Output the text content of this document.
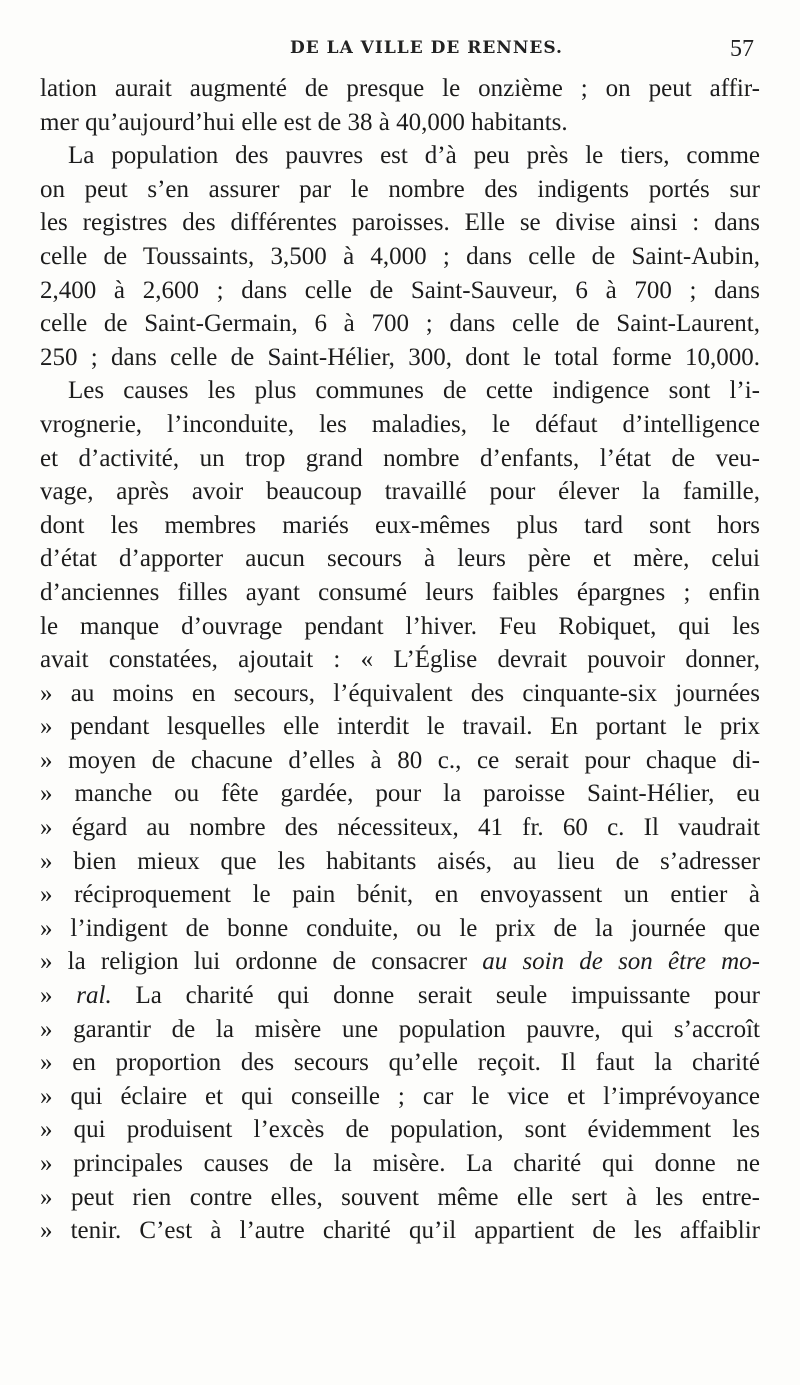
DE LA VILLE DE RENNES.	57
lation aurait augmenté de presque le onzième ; on peut affir-
mer qu’aujourd’hui elle est de 38 à 40,000 habitants.
La population des pauvres est d’à peu près le tiers, comme
on peut s’en assurer par le nombre des indigents portés sur
les registres des différentes paroisses. Elle se divise ainsi : dans
celle de Toussaints, 3,500 à 4,000 ; dans celle de Saint-Aubin,
2,400 à 2,600 ; dans celle de Saint-Sauveur, 6 à 700 ; dans
celle de Saint-Germain, 6 à 700 ; dans celle de Saint-Laurent,
250 ; dans celle de Saint-Hélier, 300, dont le total forme 10,000.
Les causes les plus communes de cette indigence sont l’i-
vrognerie, l’inconduite, les maladies, le défaut d’intelligence
et d’activité, un trop grand nombre d’enfants, l’état de veu-
vage, après avoir beaucoup travaillé pour élever la famille,
dont les membres mariés eux-mêmes plus tard sont hors
d’état d’apporter aucun secours à leurs père et mère, celui
d’anciennes filles ayant consumé leurs faibles épargnes ; enfin
le manque d’ouvrage pendant l’hiver. Feu Robiquet, qui les
avait constatées, ajoutait : « L’Église devrait pouvoir donner,
» au moins en secours, l’équivalent des cinquante-six journées
» pendant lesquelles elle interdit le travail. En portant le prix
» moyen de chacune d’elles à 80 c., ce serait pour chaque di-
» manche ou fête gardée, pour la paroisse Saint-Hélier, eu
» égard au nombre des nécessiteux, 41 fr. 60 c. Il vaudrait
» bien mieux que les habitants aisés, au lieu de s’adresser
» réciproquement le pain bénit, en envoyassent un entier à
» l’indigent de bonne conduite, ou le prix de la journée que
» la religion lui ordonne de consacrer au soin de son être mo-
» ral. La charité qui donne serait seule impuissante pour
» garantir de la misère une population pauvre, qui s’accroît
» en proportion des secours qu’elle reçoit. Il faut la charité
» qui éclaire et qui conseille ; car le vice et l’imprévoyance
» qui produisent l’excès de population, sont évidemment les
» principales causes de la misère. La charité qui donne ne
» peut rien contre elles, souvent même elle sert à les entre-
» tenir. C’est à l’autre charité qu’il appartient de les affaiblir
